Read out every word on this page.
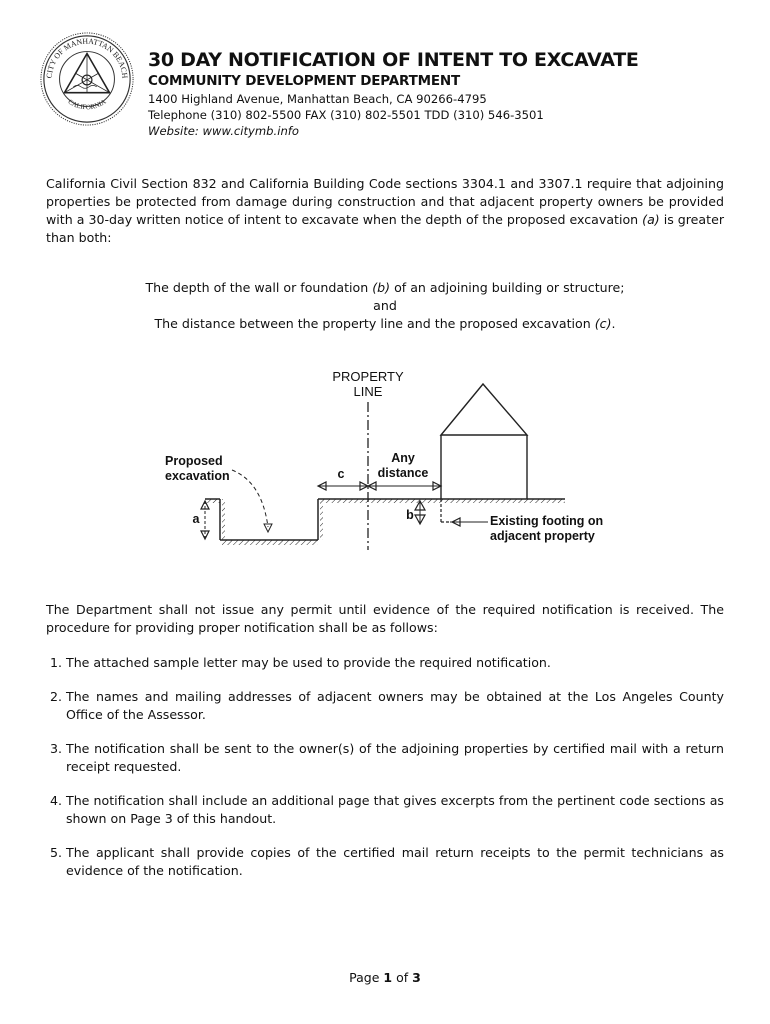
CITY OF MANHATTAN BEACH
CALIFORNIA
30 DAY NOTIFICATION OF INTENT TO EXCAVATE
COMMUNITY DEVELOPMENT DEPARTMENT
1400 Highland Avenue, Manhattan Beach, CA 90266-4795
Telephone (310) 802-5500 FAX (310) 802-5501 TDD (310) 546-3501
Website: www.citymb.info

California Civil Section 832 and California Building Code sections 3304.1 and 3307.1 require that adjoining properties be protected from damage during construction and that adjacent property owners be provided with a 30-day written notice of intent to excavate when the depth of the proposed excavation (a) is greater than both:

The depth of the wall or foundation (b) of an adjoining building or structure;
and
The distance between the property line and the proposed excavation (c).
PROPERTY
LINE
Proposed
excavation
Any
distance
c
a	b	Existing footing on
adjacent property

The Department shall not issue any permit until evidence of the required notification is received. The procedure for providing proper notification shall be as follows:

1. The attached sample letter may be used to provide the required notification.
2. The names and mailing addresses of adjacent owners may be obtained at the Los Angeles County Office of the Assessor.
3. The notification shall be sent to the owner(s) of the adjoining properties by certified mail with a return receipt requested.
4. The notification shall include an additional page that gives excerpts from the pertinent code sections as shown on Page 3 of this handout.
5. The applicant shall provide copies of the certified mail return receipts to the permit technicians as evidence of the notification.
Page 1 of 3
